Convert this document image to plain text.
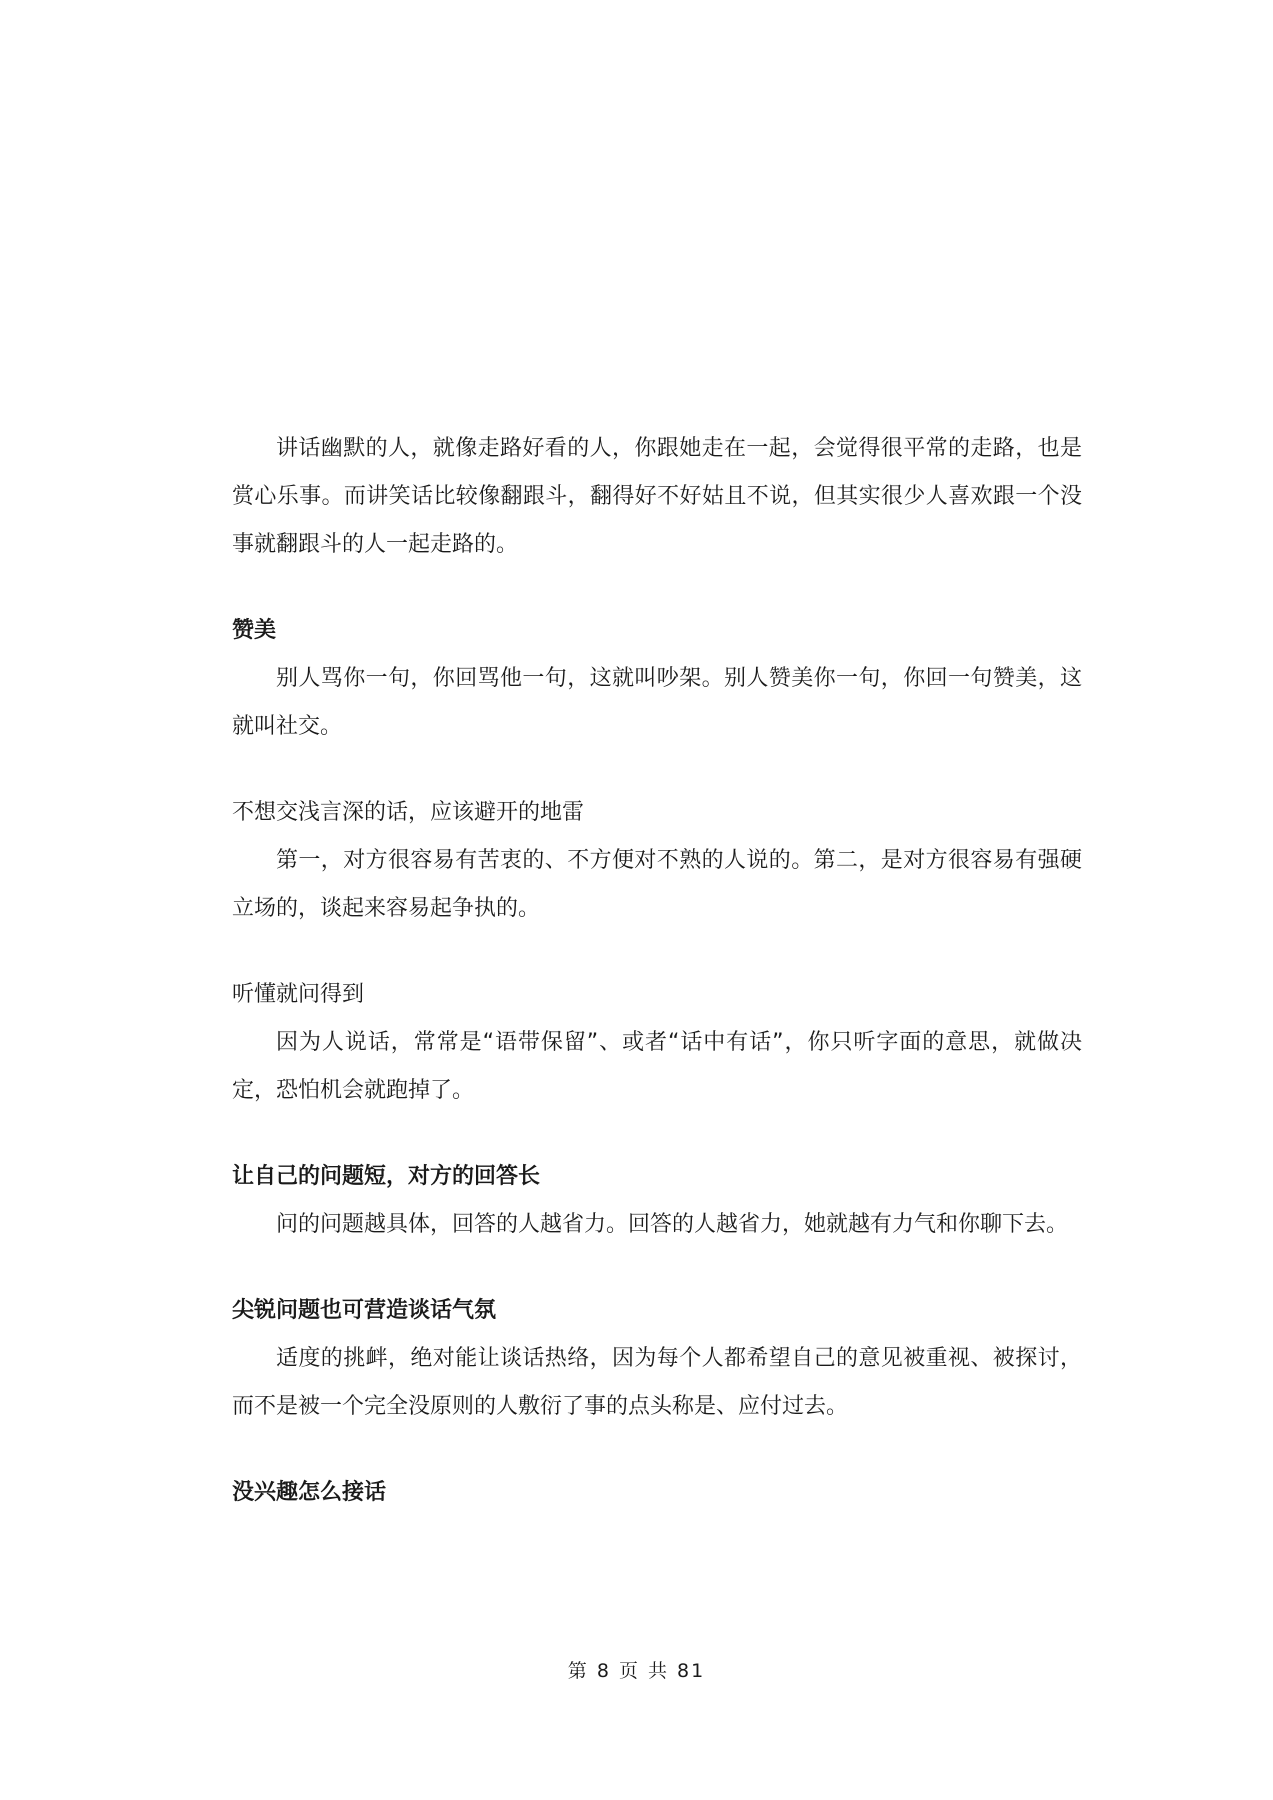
讲话幽默的人，就像走路好看的人，你跟她走在一起，会觉得很平常的走路，也是赏心乐事。而讲笑话比较像翻跟斗，翻得好不好姑且不说，但其实很少人喜欢跟一个没事就翻跟斗的人一起走路的。

赞美

别人骂你一句，你回骂他一句，这就叫吵架。别人赞美你一句，你回一句赞美，这就叫社交。

不想交浅言深的话，应该避开的地雷

第一，对方很容易有苦衷的、不方便对不熟的人说的。第二，是对方很容易有强硬立场的，谈起来容易起争执的。

听懂就问得到

因为人说话，常常是“语带保留”、或者“话中有话”，你只听字面的意思，就做决定，恐怕机会就跑掉了。

让自己的问题短，对方的回答长

问的问题越具体，回答的人越省力。回答的人越省力，她就越有力气和你聊下去。

尖锐问题也可营造谈话气氛

适度的挑衅，绝对能让谈话热络，因为每个人都希望自己的意见被重视、被探讨，而不是被一个完全没原则的人敷衍了事的点头称是、应付过去。

没兴趣怎么接话

第 8 页 共 81
